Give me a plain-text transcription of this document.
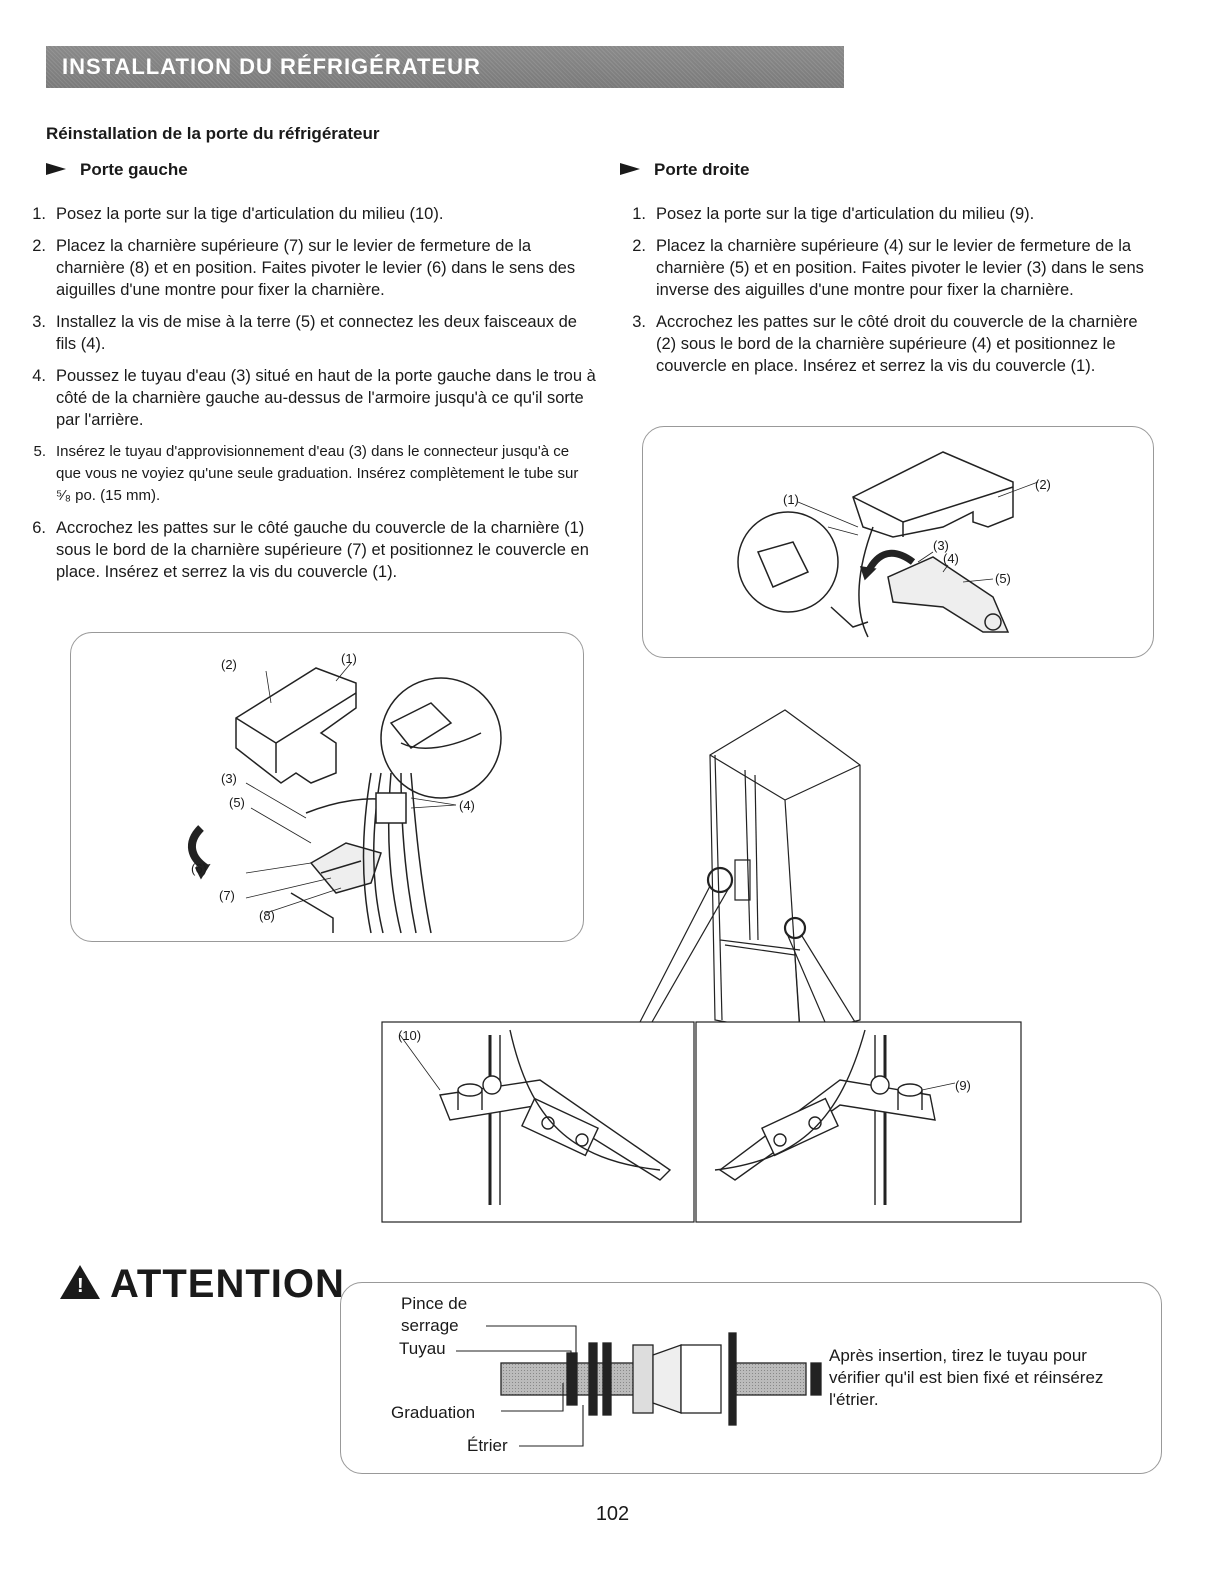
INSTALLATION DU RÉFRIGÉRATEUR
Réinstallation de la porte du réfrigérateur
Porte gauche
1. Posez la porte sur la tige d'articulation du milieu (10).
2. Placez la charnière supérieure (7) sur le levier de fermeture de la charnière (8) et en position. Faites pivoter le levier (6) dans le sens des aiguilles d'une montre pour fixer la charnière.
3. Installez la vis de mise à la terre (5) et connectez les deux faisceaux de fils (4).
4. Poussez le tuyau d'eau (3) situé en haut de la porte gauche dans le trou à côté de la charnière gauche au-dessus de l'armoire jusqu'à ce qu'il sorte par l'arrière.
5. Insérez le tuyau d'approvisionnement d'eau (3) dans le connecteur jusqu'à ce que vous ne voyiez qu'une seule graduation. Insérez complètement le tube sur ⁵⁄₈ po. (15 mm).
6. Accrochez les pattes sur le côté gauche du couvercle de la charnière (1) sous le bord de la charnière supérieure (7) et positionnez le couvercle en place. Insérez et serrez la vis du couvercle (1).
(2)	(1)
(3)
(5)	(4)
(6)
(7)
(8)
Porte droite
1. Posez la porte sur la tige d'articulation du milieu (9).
2. Placez la charnière supérieure (4) sur le levier de fermeture de la charnière (5) et en position. Faites pivoter le levier (3) dans le sens inverse des aiguilles d'une montre pour fixer la charnière.
3. Accrochez les pattes sur le côté droit du couvercle de la charnière (2) sous le bord de la charnière supérieure (4) et positionnez le couvercle en place. Insérez et serrez la vis du couvercle (1).
(1)
(2)
(3)
(4)
(5)
(10)
(9)
! ATTENTION	Pince de serrage
Tuyau
Graduation
Étrier
Après insertion, tirez le tuyau pour vérifier qu'il est bien fixé et réinsérez l'étrier.
102
